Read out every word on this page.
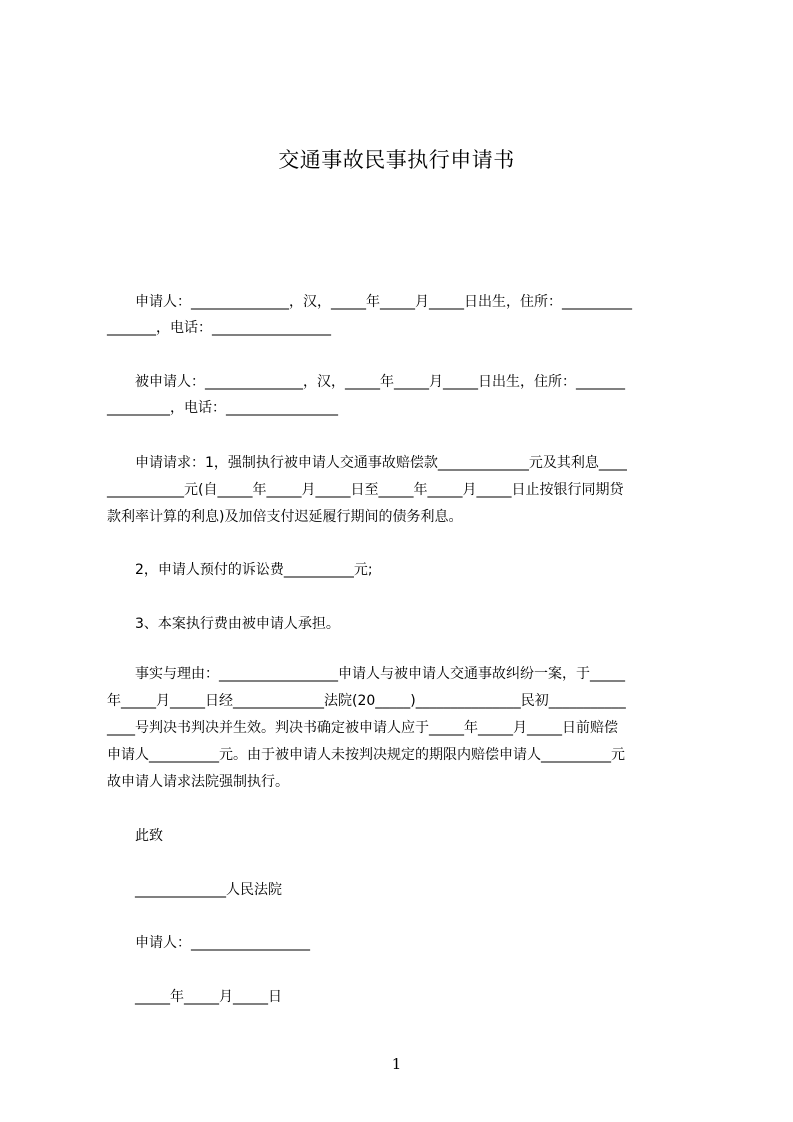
交通事故民事执行申请书
　　申请人：______________，汉，_____年_____月_____日出生，住所：__________
_______，电话：_________________
　　被申请人：______________，汉，_____年_____月_____日出生，住所：_______
_________，电话：________________
　　申请请求：1，强制执行被申请人交通事故赔偿款_____________元及其利息____
___________元(自_____年_____月_____日至_____年_____月_____日止按银行同期贷
款利率计算的利息)及加倍支付迟延履行期间的债务利息。
　　2，申请人预付的诉讼费__________元;
　　3、本案执行费由被申请人承担。
　　事实与理由：_________________申请人与被申请人交通事故纠纷一案，于_____
年_____月_____日经_____________法院(20_____)_______________民初___________
____号判决书判决并生效。判决书确定被申请人应于_____年_____月_____日前赔偿
申请人__________元。由于被申请人未按判决规定的期限内赔偿申请人__________元
故申请人请求法院强制执行。
　　此致
　　_____________人民法院
　　申请人：_________________
　　_____年_____月_____日
1
